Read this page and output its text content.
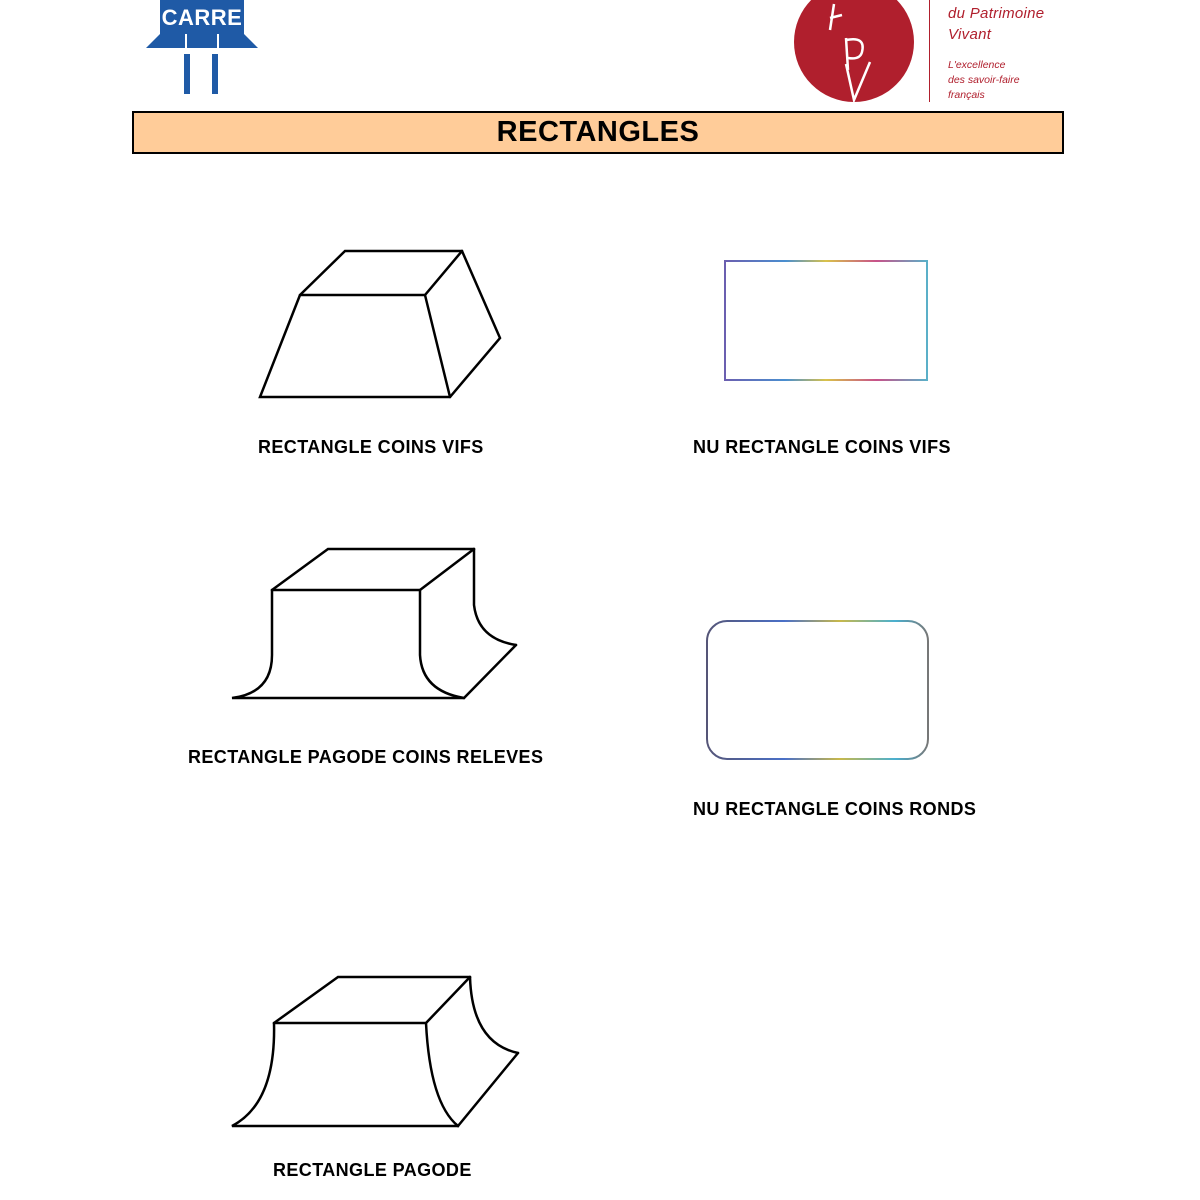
CARRE	du Patrimoine
Vivant
L'excellence
des savoir-faire
français
RECTANGLES
RECTANGLE COINS VIFS	NU RECTANGLE COINS VIFS
RECTANGLE PAGODE COINS RELEVES
NU RECTANGLE COINS RONDS
RECTANGLE PAGODE
